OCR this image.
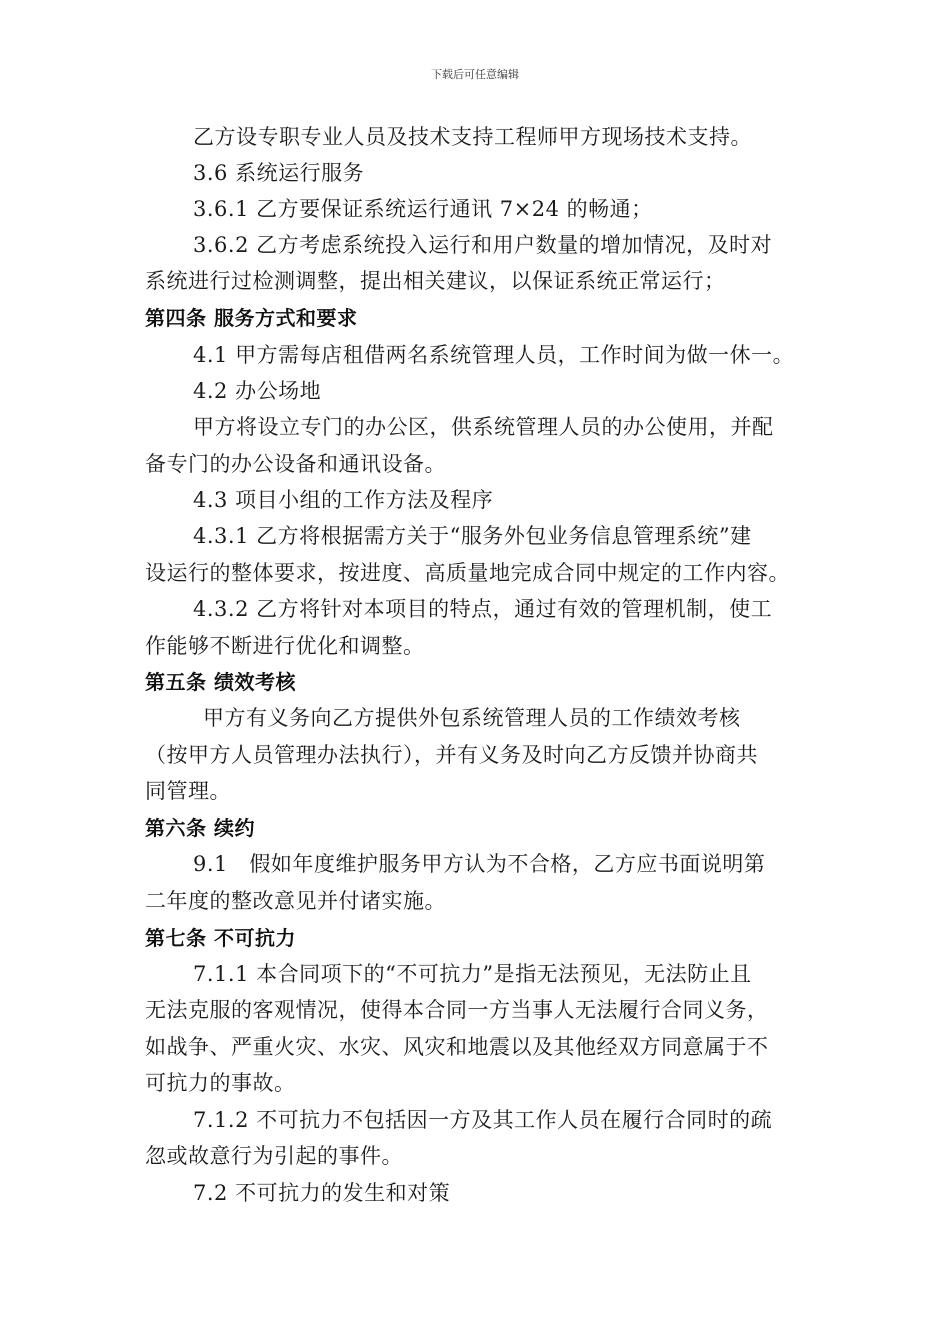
下载后可任意编辑
乙方设专职专业人员及技术支持工程师甲方现场技术支持。
3.6 系统运行服务
3.6.1 乙方要保证系统运行通讯 7×24 的畅通；
3.6.2 乙方考虑系统投入运行和用户数量的增加情况，及时对
系统进行过检测调整，提出相关建议，以保证系统正常运行；
第四条 服务方式和要求
4.1 甲方需每店租借两名系统管理人员，工作时间为做一休一。
4.2 办公场地
甲方将设立专门的办公区，供系统管理人员的办公使用，并配
备专门的办公设备和通讯设备。
4.3 项目小组的工作方法及程序
4.3.1 乙方将根据需方关于“服务外包业务信息管理系统”建
设运行的整体要求，按进度、高质量地完成合同中规定的工作内容。
4.3.2 乙方将针对本项目的特点，通过有效的管理机制，使工
作能够不断进行优化和调整。
第五条 绩效考核
甲方有义务向乙方提供外包系统管理人员的工作绩效考核
（按甲方人员管理办法执行），并有义务及时向乙方反馈并协商共
同管理。
第六条 续约
9.1　假如年度维护服务甲方认为不合格，乙方应书面说明第
二年度的整改意见并付诸实施。
第七条 不可抗力
7.1.1 本合同项下的“不可抗力”是指无法预见，无法防止且
无法克服的客观情况，使得本合同一方当事人无法履行合同义务，
如战争、严重火灾、水灾、风灾和地震以及其他经双方同意属于不
可抗力的事故。
7.1.2 不可抗力不包括因一方及其工作人员在履行合同时的疏
忽或故意行为引起的事件。
7.2 不可抗力的发生和对策
